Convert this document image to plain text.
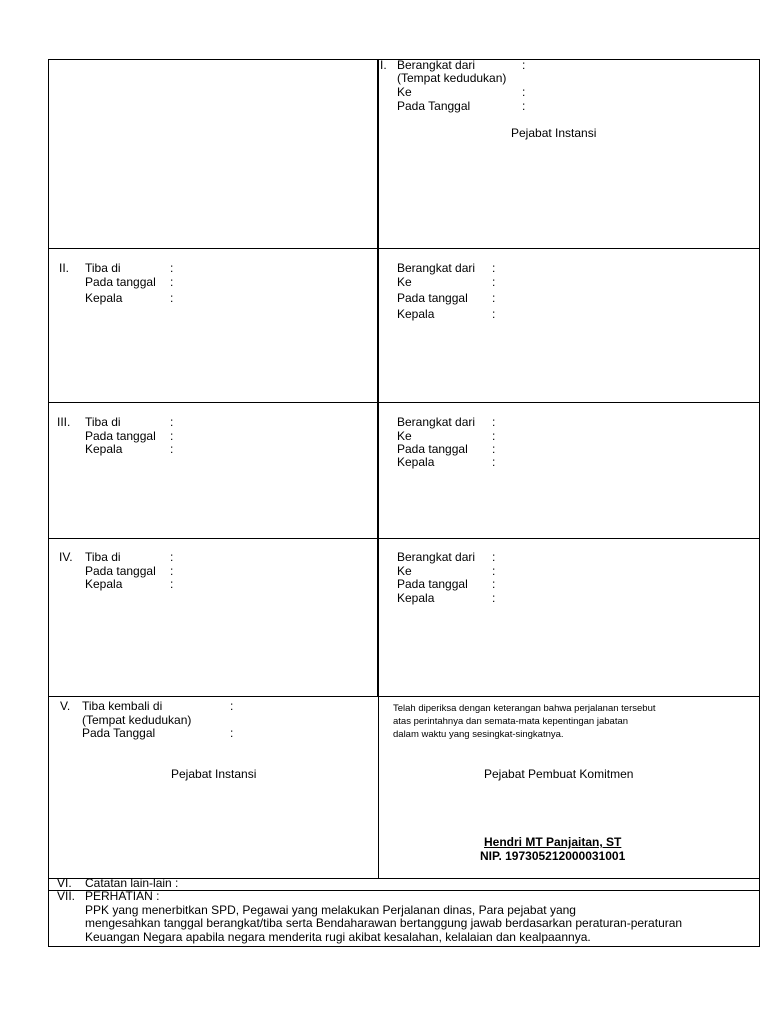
I. Berangkat dari	:
(Tempat kedudukan)
Ke	:
Pada Tanggal	:
Pejabat Instansi
II. Tiba di	:
Pada tanggal :
Kepala	:
Berangkat dari :
Ke	:
Pada tanggal :
Kepala	:
III. Tiba di	:
Pada tanggal :
Kepala	:
Berangkat dari :
Ke	:
Pada tanggal :
Kepala	:
IV. Tiba di	:
Pada tanggal :
Kepala	:
Berangkat dari :
Ke	:
Pada tanggal :
Kepala	:
V. Tiba kembali di	:
(Tempat kedudukan)
Pada Tanggal	:
Pejabat Instansi
Telah diperiksa dengan keterangan bahwa perjalanan tersebut
atas perintahnya dan semata-mata kepentingan jabatan
dalam waktu yang sesingkat-singkatnya.
Pejabat Pembuat Komitmen
Hendri MT Panjaitan, ST
NIP. 197305212000031001
VI. Catatan lain-lain :
VII. PERHATIAN :
PPK yang menerbitkan SPD, Pegawai yang melakukan Perjalanan dinas, Para pejabat yang
mengesahkan tanggal berangkat/tiba serta Bendaharawan bertanggung jawab berdasarkan peraturan-peraturan
Keuangan Negara apabila negara menderita rugi akibat kesalahan, kelalaian dan kealpaannya.
